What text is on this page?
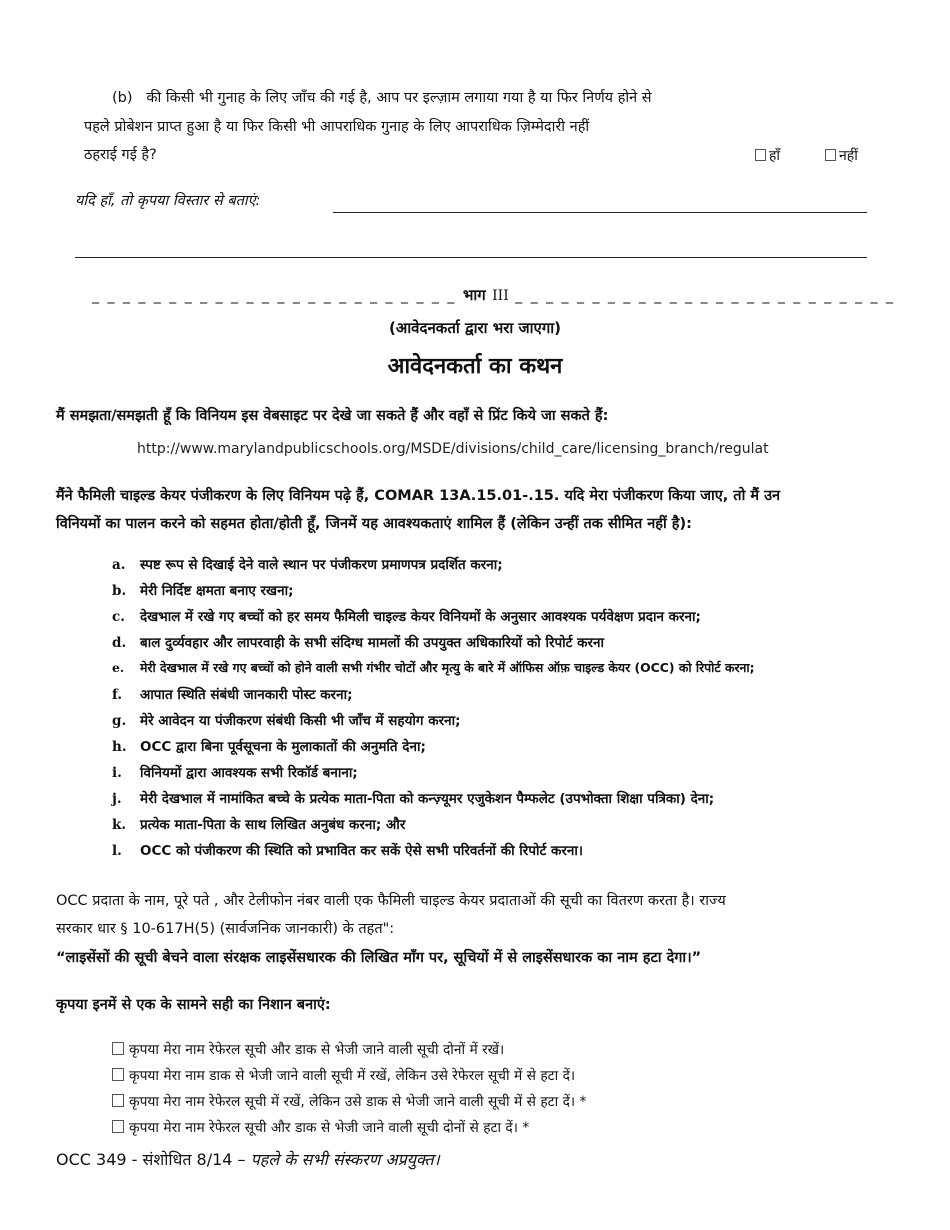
(b) की किसी भी गुनाह के लिए जाँच की गई है, आप पर इल्ज़ाम लगाया गया है या फिर निर्णय होने से
पहले प्रोबेशन प्राप्त हुआ है या फिर किसी भी आपराधिक गुनाह के लिए आपराधिक ज़िम्मेदारी नहीं
ठहराई गई है?	हाँ	नहीं
यदि हाँ, तो कृपया विस्तार से बताएं:
_ _ _ _ _ _ _ _ _ _ _ _ _ _ _ _ _ _ _ _ _ _ _ _ भाग III _ _ _ _ _ _ _ _ _ _ _ _ _ _ _ _ _ _ _ _ _ _ _ _ _
(आवेदनकर्ता द्वारा भरा जाएगा)
आवेदनकर्ता का कथन
मैं समझता/समझती हूँ कि विनियम इस वेबसाइट पर देखे जा सकते हैं और वहाँ से प्रिंट किये जा सकते हैं:
http://www.marylandpublicschools.org/MSDE/divisions/child_care/licensing_branch/regulat
मैंने फैमिली चाइल्ड केयर पंजीकरण के लिए विनियम पढ़े हैं, COMAR 13A.15.01-.15. यदि मेरा पंजीकरण किया जाए, तो मैं उन
विनियमों का पालन करने को सहमत होता/होती हूँ, जिनमें यह आवश्यकताएं शामिल हैं (लेकिन उन्हीं तक सीमित नहीं है):
a. स्पष्ट रूप से दिखाई देने वाले स्थान पर पंजीकरण प्रमाणपत्र प्रदर्शित करना;
b. मेरी निर्दिष्ट क्षमता बनाए रखना;
c. देखभाल में रखे गए बच्चों को हर समय फैमिली चाइल्ड केयर विनियमों के अनुसार आवश्यक पर्यवेक्षण प्रदान करना;
d. बाल दुर्व्यवहार और लापरवाही के सभी संदिग्ध मामलों की उपयुक्त अधिकारियों को रिपोर्ट करना
e. मेरी देखभाल में रखे गए बच्चों को होने वाली सभी गंभीर चोटों और मृत्यु के बारे में ऑफिस ऑफ़ चाइल्ड केयर (OCC) को रिपोर्ट करना;
f. आपात स्थिति संबंधी जानकारी पोस्ट करना;
g. मेरे आवेदन या पंजीकरण संबंधी किसी भी जाँच में सहयोग करना;
h. OCC द्वारा बिना पूर्वसूचना के मुलाकातों की अनुमति देना;
i. विनियमों द्वारा आवश्यक सभी रिकॉर्ड बनाना;
j. मेरी देखभाल में नामांकित बच्चे के प्रत्येक माता-पिता को कन्ज़्यूमर एजुकेशन पैम्फलेट (उपभोक्ता शिक्षा पत्रिका) देना;
k. प्रत्येक माता-पिता के साथ लिखित अनुबंध करना; और
l. OCC को पंजीकरण की स्थिति को प्रभावित कर सकें ऐसे सभी परिवर्तनों की रिपोर्ट करना।
OCC प्रदाता के नाम, पूरे पते , और टेलीफोन नंबर वाली एक फैमिली चाइल्ड केयर प्रदाताओं की सूची का वितरण करता है। राज्य
सरकार धार § 10-617H(5) (सार्वजनिक जानकारी) के तहत":
“लाइसेंसों की सूची बेचने वाला संरक्षक लाइसेंसधारक की लिखित माँग पर, सूचियों में से लाइसेंसधारक का नाम हटा देगा।”
कृपया इनमें से एक के सामने सही का निशान बनाएं:
कृपया मेरा नाम रेफेरल सूची और डाक से भेजी जाने वाली सूची दोनों में रखें।
कृपया मेरा नाम डाक से भेजी जाने वाली सूची में रखें, लेकिन उसे रेफेरल सूची में से हटा दें।
कृपया मेरा नाम रेफेरल सूची में रखें, लेकिन उसे डाक से भेजी जाने वाली सूची में से हटा दें। *
कृपया मेरा नाम रेफेरल सूची और डाक से भेजी जाने वाली सूची दोनों से हटा दें। *
OCC 349 - संशोधित 8/14 – पहले के सभी संस्करण अप्रयुक्त।
